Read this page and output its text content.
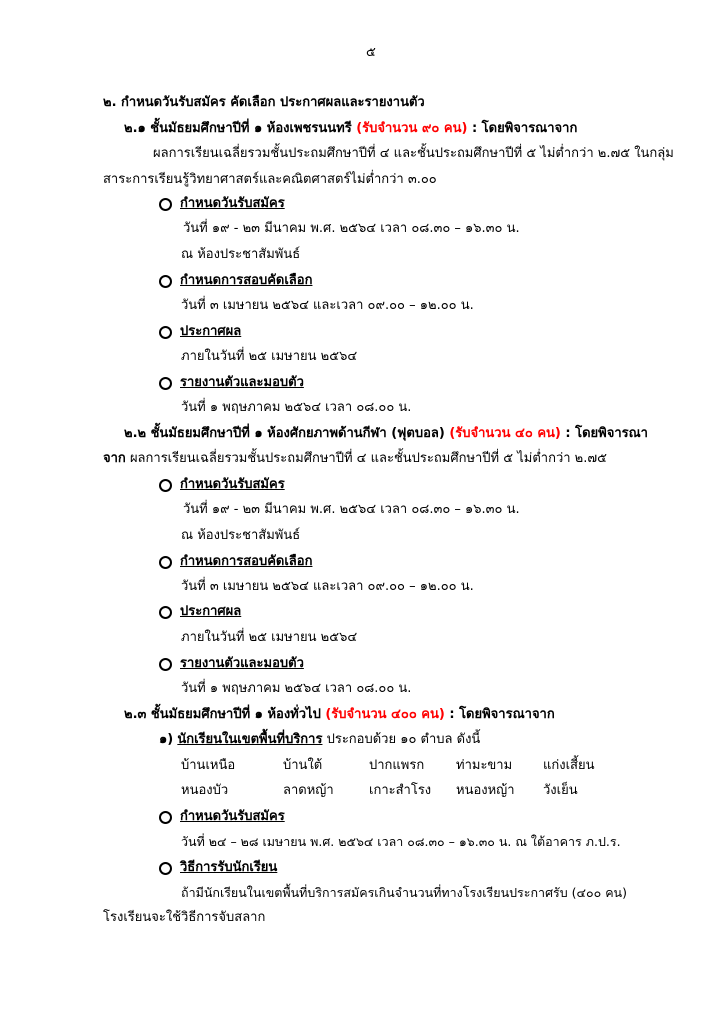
๕
๒. กำหนดวันรับสมัคร คัดเลือก ประกาศผลและรายงานตัว
๒.๑ ชั้นมัธยมศึกษาปีที่ ๑ ห้องเพชรนนทรี (รับจำนวน ๙๐ คน) : โดยพิจารณาจาก
ผลการเรียนเฉลี่ยรวมชั้นประถมศึกษาปีที่ ๔ และชั้นประถมศึกษาปีที่ ๕ ไม่ต่ำกว่า ๒.๗๕ ในกลุ่ม
สาระการเรียนรู้วิทยาศาสตร์และคณิตศาสตร์ไม่ต่ำกว่า ๓.๐๐
กำหนดวันรับสมัคร
วันที่ ๑๙ - ๒๓ มีนาคม พ.ศ. ๒๕๖๔ เวลา ๐๘.๓๐ – ๑๖.๓๐ น.
ณ ห้องประชาสัมพันธ์
กำหนดการสอบคัดเลือก
วันที่ ๓ เมษายน ๒๕๖๔ และเวลา ๐๙.๐๐ – ๑๒.๐๐ น.
ประกาศผล
ภายในวันที่ ๒๕ เมษายน ๒๕๖๔
รายงานตัวและมอบตัว
วันที่ ๑ พฤษภาคม ๒๕๖๔ เวลา ๐๘.๐๐ น.
๒.๒ ชั้นมัธยมศึกษาปีที่ ๑ ห้องศักยภาพด้านกีฬา (ฟุตบอล) (รับจำนวน ๔๐ คน) : โดยพิจารณา
จาก ผลการเรียนเฉลี่ยรวมชั้นประถมศึกษาปีที่ ๔ และชั้นประถมศึกษาปีที่ ๕ ไม่ต่ำกว่า ๒.๗๕
กำหนดวันรับสมัคร
วันที่ ๑๙ - ๒๓ มีนาคม พ.ศ. ๒๕๖๔ เวลา ๐๘.๓๐ – ๑๖.๓๐ น.
ณ ห้องประชาสัมพันธ์
กำหนดการสอบคัดเลือก
วันที่ ๓ เมษายน ๒๕๖๔ และเวลา ๐๙.๐๐ – ๑๒.๐๐ น.
ประกาศผล
ภายในวันที่ ๒๕ เมษายน ๒๕๖๔
รายงานตัวและมอบตัว
วันที่ ๑ พฤษภาคม ๒๕๖๔ เวลา ๐๘.๐๐ น.
๒.๓ ชั้นมัธยมศึกษาปีที่ ๑ ห้องทั่วไป (รับจำนวน ๔๐๐ คน) : โดยพิจารณาจาก
๑) นักเรียนในเขตพื้นที่บริการ ประกอบด้วย ๑๐ ตำบล ดังนี้
บ้านเหนือ	บ้านใต้	ปากแพรก ท่ามะขาม แก่งเสี้ยน
หนองบัว	ลาดหญ้า	เกาะสำโรง หนองหญ้า วังเย็น
กำหนดวันรับสมัคร
วันที่ ๒๔ – ๒๘ เมษายน พ.ศ. ๒๕๖๔ เวลา ๐๘.๓๐ – ๑๖.๓๐ น. ณ ใต้อาคาร ภ.ป.ร.
วิธีการรับนักเรียน
ถ้ามีนักเรียนในเขตพื้นที่บริการสมัครเกินจำนวนที่ทางโรงเรียนประกาศรับ (๔๐๐ คน)
โรงเรียนจะใช้วิธีการจับสลาก
